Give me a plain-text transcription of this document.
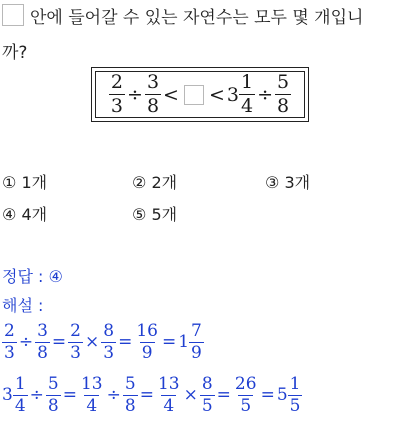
안에 들어갈 수 있는 자연수는 모두 몇 개입니
까?
$\frac{2}{3} \div \frac{3}{8}$ < < $3 \frac{1}{4} \div \frac{5}{8}$
① 1개	② 2개	③ 3개
④ 4개	⑤ 5개
정답 : ④
해설 :
$\frac{2}{3} \div \frac{3}{8} = \frac{2}{3} \times \frac{8}{3} = \frac{16}{9} = 1 \frac{7}{9}$
$3 \frac{1}{4} \div \frac{5}{8} = \frac{13}{4} \div \frac{5}{8} = \frac{13}{4} \times \frac{8}{5} = \frac{26}{5} = 5 \frac{1}{5}$
